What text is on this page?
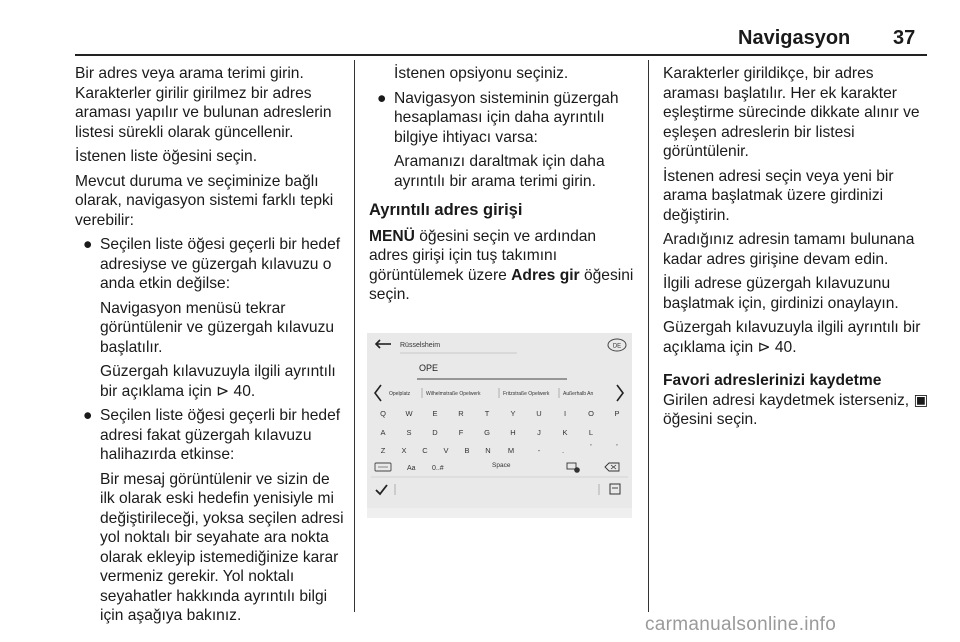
Navigasyon 37

Bir adres veya arama terimi girin. Karakterler girilir girilmez bir adres araması yapılır ve bulunan adreslerin listesi sürekli olarak güncellenir.

İstenen liste öğesini seçin.

Mevcut duruma ve seçiminize bağlı olarak, navigasyon sistemi farklı tepki verebilir:

● Seçilen liste öğesi geçerli bir hedef adresiyse ve güzergah kılavuzu o anda etkin değilse:

Navigasyon menüsü tekrar görüntülenir ve güzergah kılavuzu başlatılır.

Güzergah kılavuzuyla ilgili ayrıntılı bir açıklama için ⊳ 40.

● Seçilen liste öğesi geçerli bir hedef adresi fakat güzergah kılavuzu halihazırda etkinse:

Bir mesaj görüntülenir ve sizin de ilk olarak eski hedefin yenisiyle mi değiştirileceği, yoksa seçilen adresi yol noktalı bir seyahate ara nokta olarak ekleyip istemediğinize karar vermeniz gerekir. Yol noktalı seyahatler hakkında ayrıntılı bilgi için aşağıya bakınız.

İstenen opsiyonu seçiniz.

● Navigasyon sisteminin güzergah hesaplaması için daha ayrıntılı bilgiye ihtiyacı varsa:

Aramanızı daraltmak için daha ayrıntılı bir arama terimi girin.

Ayrıntılı adres girişi

MENÜ öğesini seçin ve ardından adres girişi için tuş takımını görüntülemek üzere Adres gir öğesini seçin.

Rüsselsheim	DE
OPE
Opelplatz	Wilhelmstraße Opelwerk	Fritzstraße Opelwerk	Außerhalb An
Q	W	E	R	T	Y	U	I	O	P
A	S	D	F	G	H	J	K	L
Z X C V B N M	-	.	'	'
Aa 0..#	Space

Karakterler girildikçe, bir adres araması başlatılır. Her ek karakter eşleştirme sürecinde dikkate alınır ve eşleşen adreslerin bir listesi görüntülenir.

İstenen adresi seçin veya yeni bir arama başlatmak üzere girdinizi değiştirin.

Aradığınız adresin tamamı bulunana kadar adres girişine devam edin.

İlgili adrese güzergah kılavuzunu başlatmak için, girdinizi onaylayın.

Güzergah kılavuzuyla ilgili ayrıntılı bir açıklama için ⊳ 40.

Favori adreslerinizi kaydetme

Girilen adresi kaydetmek isterseniz, ▣ öğesini seçin.

carmanualsonline.info
